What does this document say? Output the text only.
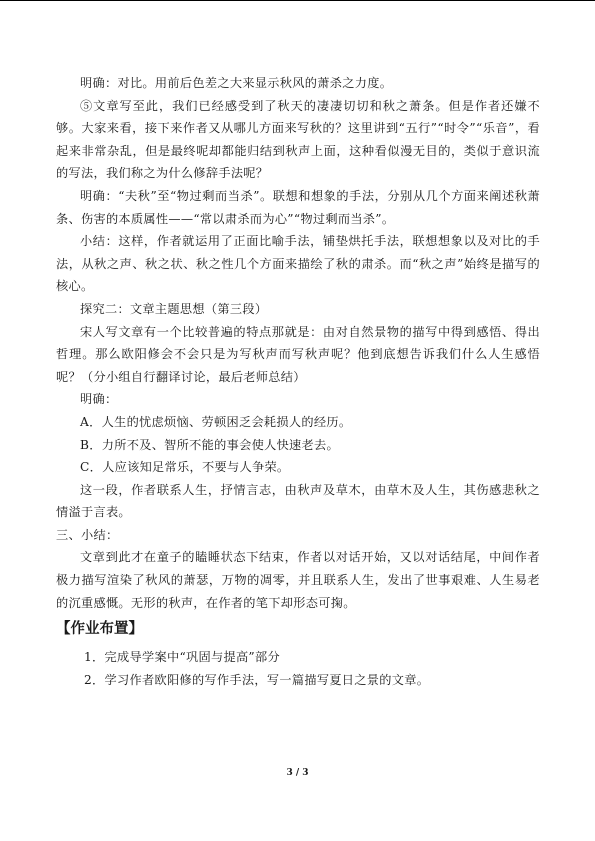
明确：对比。用前后色差之大来显示秋风的萧杀之力度。

⑤文章写至此，我们已经感受到了秋天的凄凄切切和秋之萧条。但是作者还嫌不够。大家来看，接下来作者又从哪儿方面来写秋的？这里讲到“五行”“时令”“乐音”，看起来非常杂乱，但是最终呢却都能归结到秋声上面，这种看似漫无目的，类似于意识流的写法，我们称之为什么修辞手法呢？

明确：“夫秋”至“物过剩而当杀”。联想和想象的手法，分别从几个方面来阐述秋萧条、伤害的本质属性——“常以肃杀而为心”“物过剩而当杀”。

小结：这样，作者就运用了正面比喻手法，铺垫烘托手法，联想想象以及对比的手法，从秋之声、秋之状、秋之性几个方面来描绘了秋的肃杀。而“秋之声”始终是描写的核心。

探究二：文章主题思想（第三段）

宋人写文章有一个比较普遍的特点那就是：由对自然景物的描写中得到感悟、得出哲理。那么欧阳修会不会只是为写秋声而写秋声呢？他到底想告诉我们什么人生感悟呢？（分小组自行翻译讨论，最后老师总结）

明确：

A．人生的忧虑烦恼、劳顿困乏会耗损人的经历。

B．力所不及、智所不能的事会使人快速老去。

C．人应该知足常乐，不要与人争荣。

这一段，作者联系人生，抒情言志，由秋声及草木，由草木及人生，其伤感悲秋之情溢于言表。

三、小结：

文章到此才在童子的瞌睡状态下结束，作者以对话开始，又以对话结尾，中间作者极力描写渲染了秋风的萧瑟，万物的凋零，并且联系人生，发出了世事艰难、人生易老的沉重感慨。无形的秋声，在作者的笔下却形态可掬。

【作业布置】

1．完成导学案中“巩固与提高”部分

2．学习作者欧阳修的写作手法，写一篇描写夏日之景的文章。

3 / 3
